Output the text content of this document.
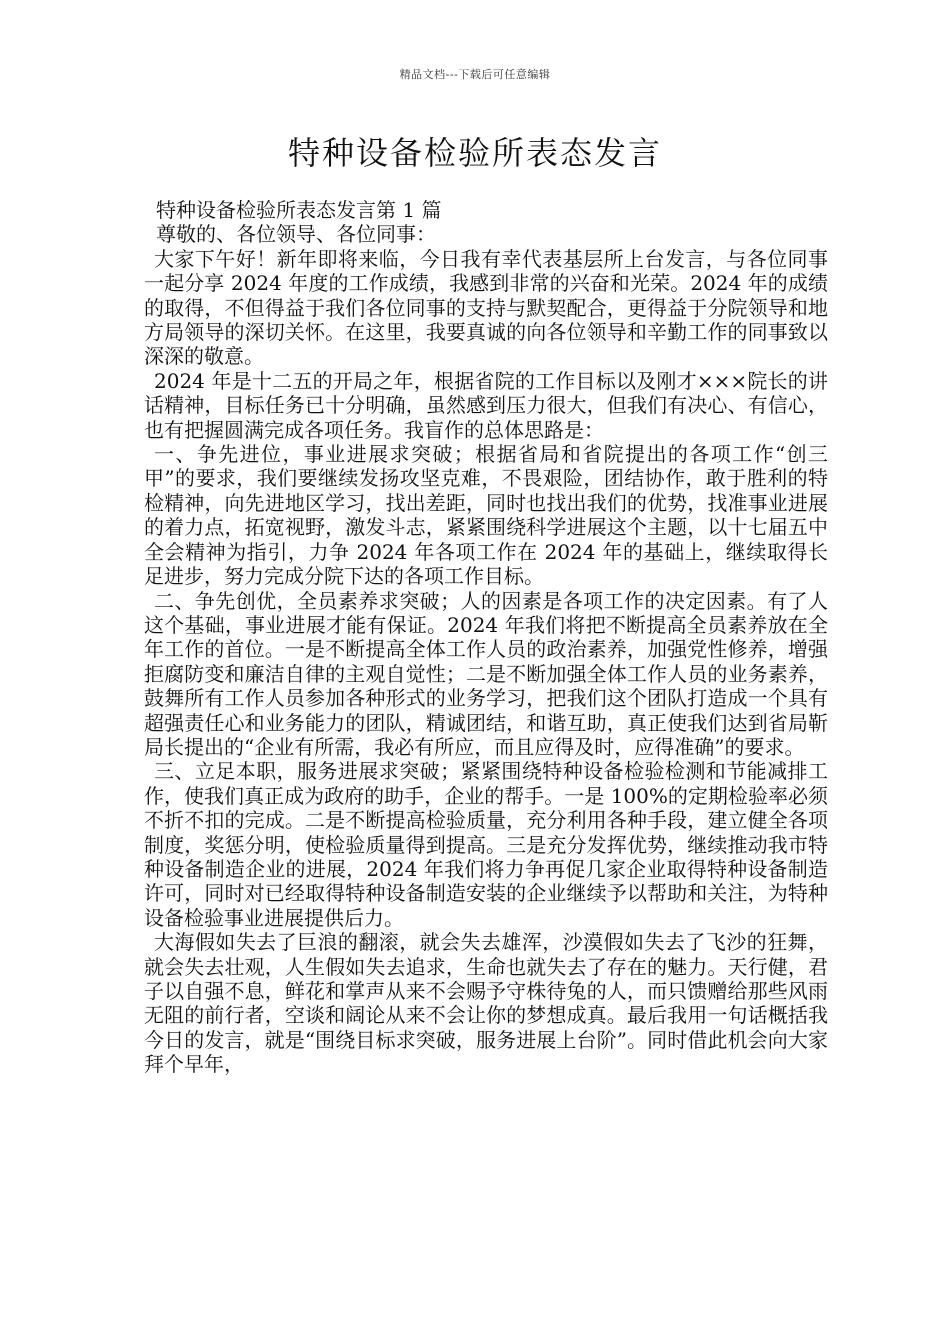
精品文档---下载后可任意编辑
特种设备检验所表态发言

特种设备检验所表态发言第 1 篇

尊敬的、各位领导、各位同事：

大家下午好！新年即将来临，今日我有幸代表基层所上台发言，与各位同事一起分享 2024 年度的工作成绩，我感到非常的兴奋和光荣。2024 年的成绩的取得，不但得益于我们各位同事的支持与默契配合，更得益于分院领导和地方局领导的深切关怀。在这里，我要真诚的向各位领导和辛勤工作的同事致以深深的敬意。

2024 年是十二五的开局之年，根据省院的工作目标以及刚才×××院长的讲话精神，目标任务已十分明确，虽然感到压力很大，但我们有决心、有信心，也有把握圆满完成各项任务。我盲作的总体思路是：

一、争先进位，事业进展求突破；根据省局和省院提出的各项工作“创三甲”的要求，我们要继续发扬攻坚克难，不畏艰险，团结协作，敢于胜利的特检精神，向先进地区学习，找出差距，同时也找出我们的优势，找准事业进展的着力点，拓宽视野，激发斗志，紧紧围绕科学进展这个主题，以十七届五中全会精神为指引，力争 2024 年各项工作在 2024 年的基础上，继续取得长足进步，努力完成分院下达的各项工作目标。

二、争先创优，全员素养求突破；人的因素是各项工作的决定因素。有了人这个基础，事业进展才能有保证。2024 年我们将把不断提高全员素养放在全年工作的首位。一是不断提高全体工作人员的政治素养，加强党性修养，增强拒腐防变和廉洁自律的主观自觉性；二是不断加强全体工作人员的业务素养，鼓舞所有工作人员参加各种形式的业务学习，把我们这个团队打造成一个具有超强责任心和业务能力的团队，精诚团结，和谐互助，真正使我们达到省局靳局长提出的“企业有所需，我必有所应，而且应得及时，应得准确”的要求。

三、立足本职，服务进展求突破；紧紧围绕特种设备检验检测和节能减排工作，使我们真正成为政府的助手，企业的帮手。一是 100%的定期检验率必须不折不扣的完成。二是不断提高检验质量，充分利用各种手段，建立健全各项制度，奖惩分明，使检验质量得到提高。三是充分发挥优势，继续推动我市特种设备制造企业的进展，2024 年我们将力争再促几家企业取得特种设备制造许可，同时对已经取得特种设备制造安装的企业继续予以帮助和关注，为特种设备检验事业进展提供后力。

大海假如失去了巨浪的翻滚，就会失去雄浑，沙漠假如失去了飞沙的狂舞，就会失去壮观，人生假如失去追求，生命也就失去了存在的魅力。天行健，君子以自强不息，鲜花和掌声从来不会赐予守株待兔的人，而只馈赠给那些风雨无阻的前行者，空谈和阔论从来不会让你的梦想成真。最后我用一句话概括我今日的发言，就是“围绕目标求突破，服务进展上台阶”。同时借此机会向大家拜个早年，
